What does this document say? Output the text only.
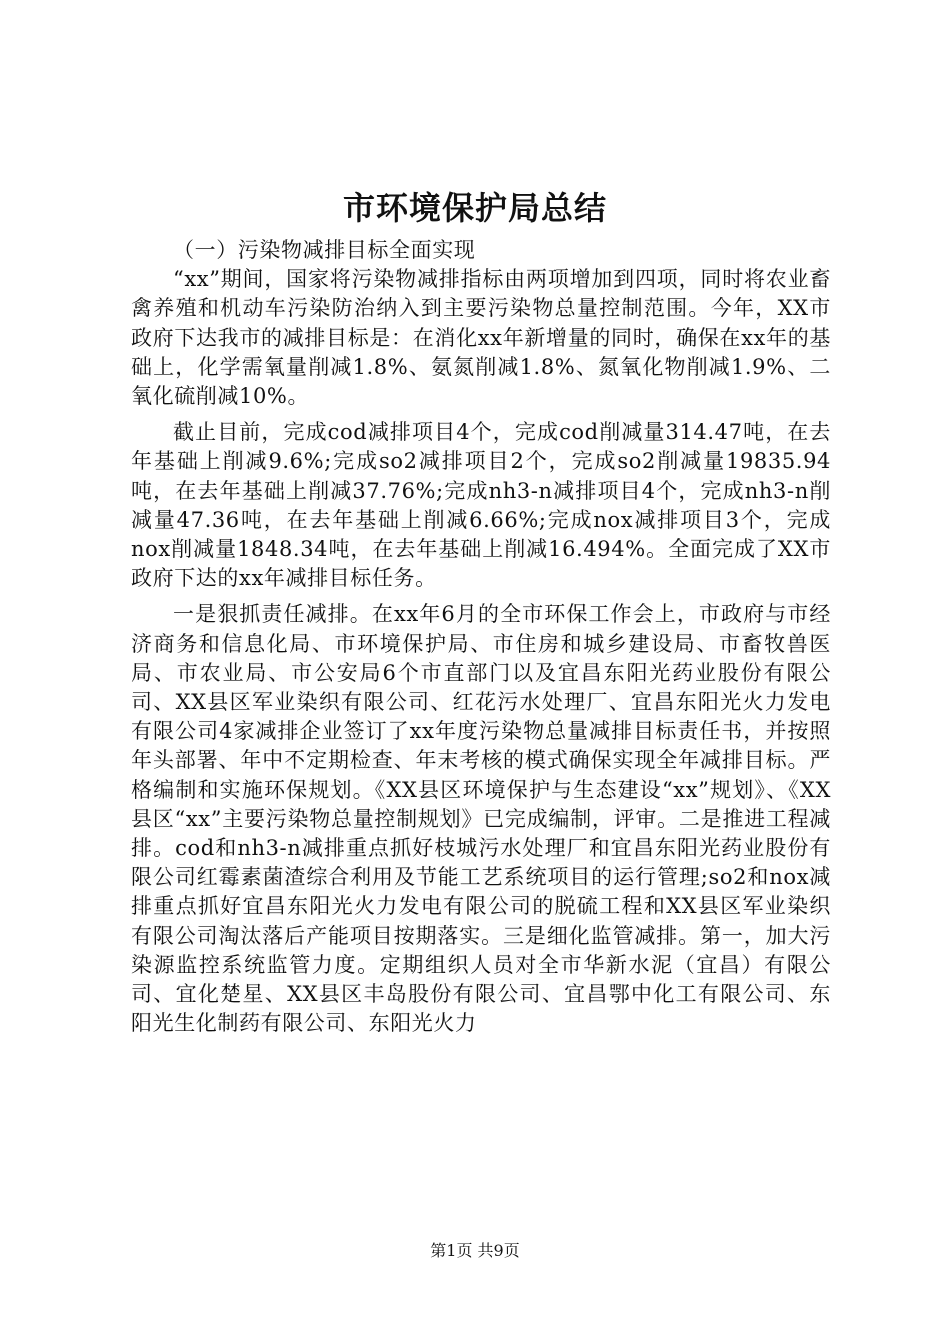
市环境保护局总结

（一）污染物减排目标全面实现

“xx”期间，国家将污染物减排指标由两项增加到四项，同时将农业畜禽养殖和机动车污染防治纳入到主要污染物总量控制范围。今年，XX市政府下达我市的减排目标是：在消化xx年新增量的同时，确保在xx年的基础上，化学需氧量削减1.8%、氨氮削减1.8%、氮氧化物削减1.9%、二氧化硫削减10%。

截止目前，完成cod减排项目4个，完成cod削减量314.47吨，在去年基础上削减9.6%;完成so2减排项目2个，完成so2削减量19835.94吨，在去年基础上削减37.76%;完成nh3-n减排项目4个，完成nh3-n削减量47.36吨，在去年基础上削减6.66%;完成nox减排项目3个，完成nox削减量1848.34吨，在去年基础上削减16.494%。全面完成了XX市政府下达的xx年减排目标任务。

一是狠抓责任减排。在xx年6月的全市环保工作会上，市政府与市经济商务和信息化局、市环境保护局、市住房和城乡建设局、市畜牧兽医局、市农业局、市公安局6个市直部门以及宜昌东阳光药业股份有限公司、XX县区军业染织有限公司、红花污水处理厂、宜昌东阳光火力发电有限公司4家减排企业签订了xx年度污染物总量减排目标责任书，并按照年头部署、年中不定期检查、年末考核的模式确保实现全年减排目标。严格编制和实施环保规划。《XX县区环境保护与生态建设“xx”规划》、《XX县区“xx”主要污染物总量控制规划》已完成编制，评审。二是推进工程减排。cod和nh3-n减排重点抓好枝城污水处理厂和宜昌东阳光药业股份有限公司红霉素菌渣综合利用及节能工艺系统项目的运行管理;so2和nox减排重点抓好宜昌东阳光火力发电有限公司的脱硫工程和XX县区军业染织有限公司淘汰落后产能项目按期落实。三是细化监管减排。第一，加大污染源监控系统监管力度。定期组织人员对全市华新水泥（宜昌）有限公司、宜化楚星、XX县区丰岛股份有限公司、宜昌鄂中化工有限公司、东阳光生化制药有限公司、东阳光火力

第1页 共9页
